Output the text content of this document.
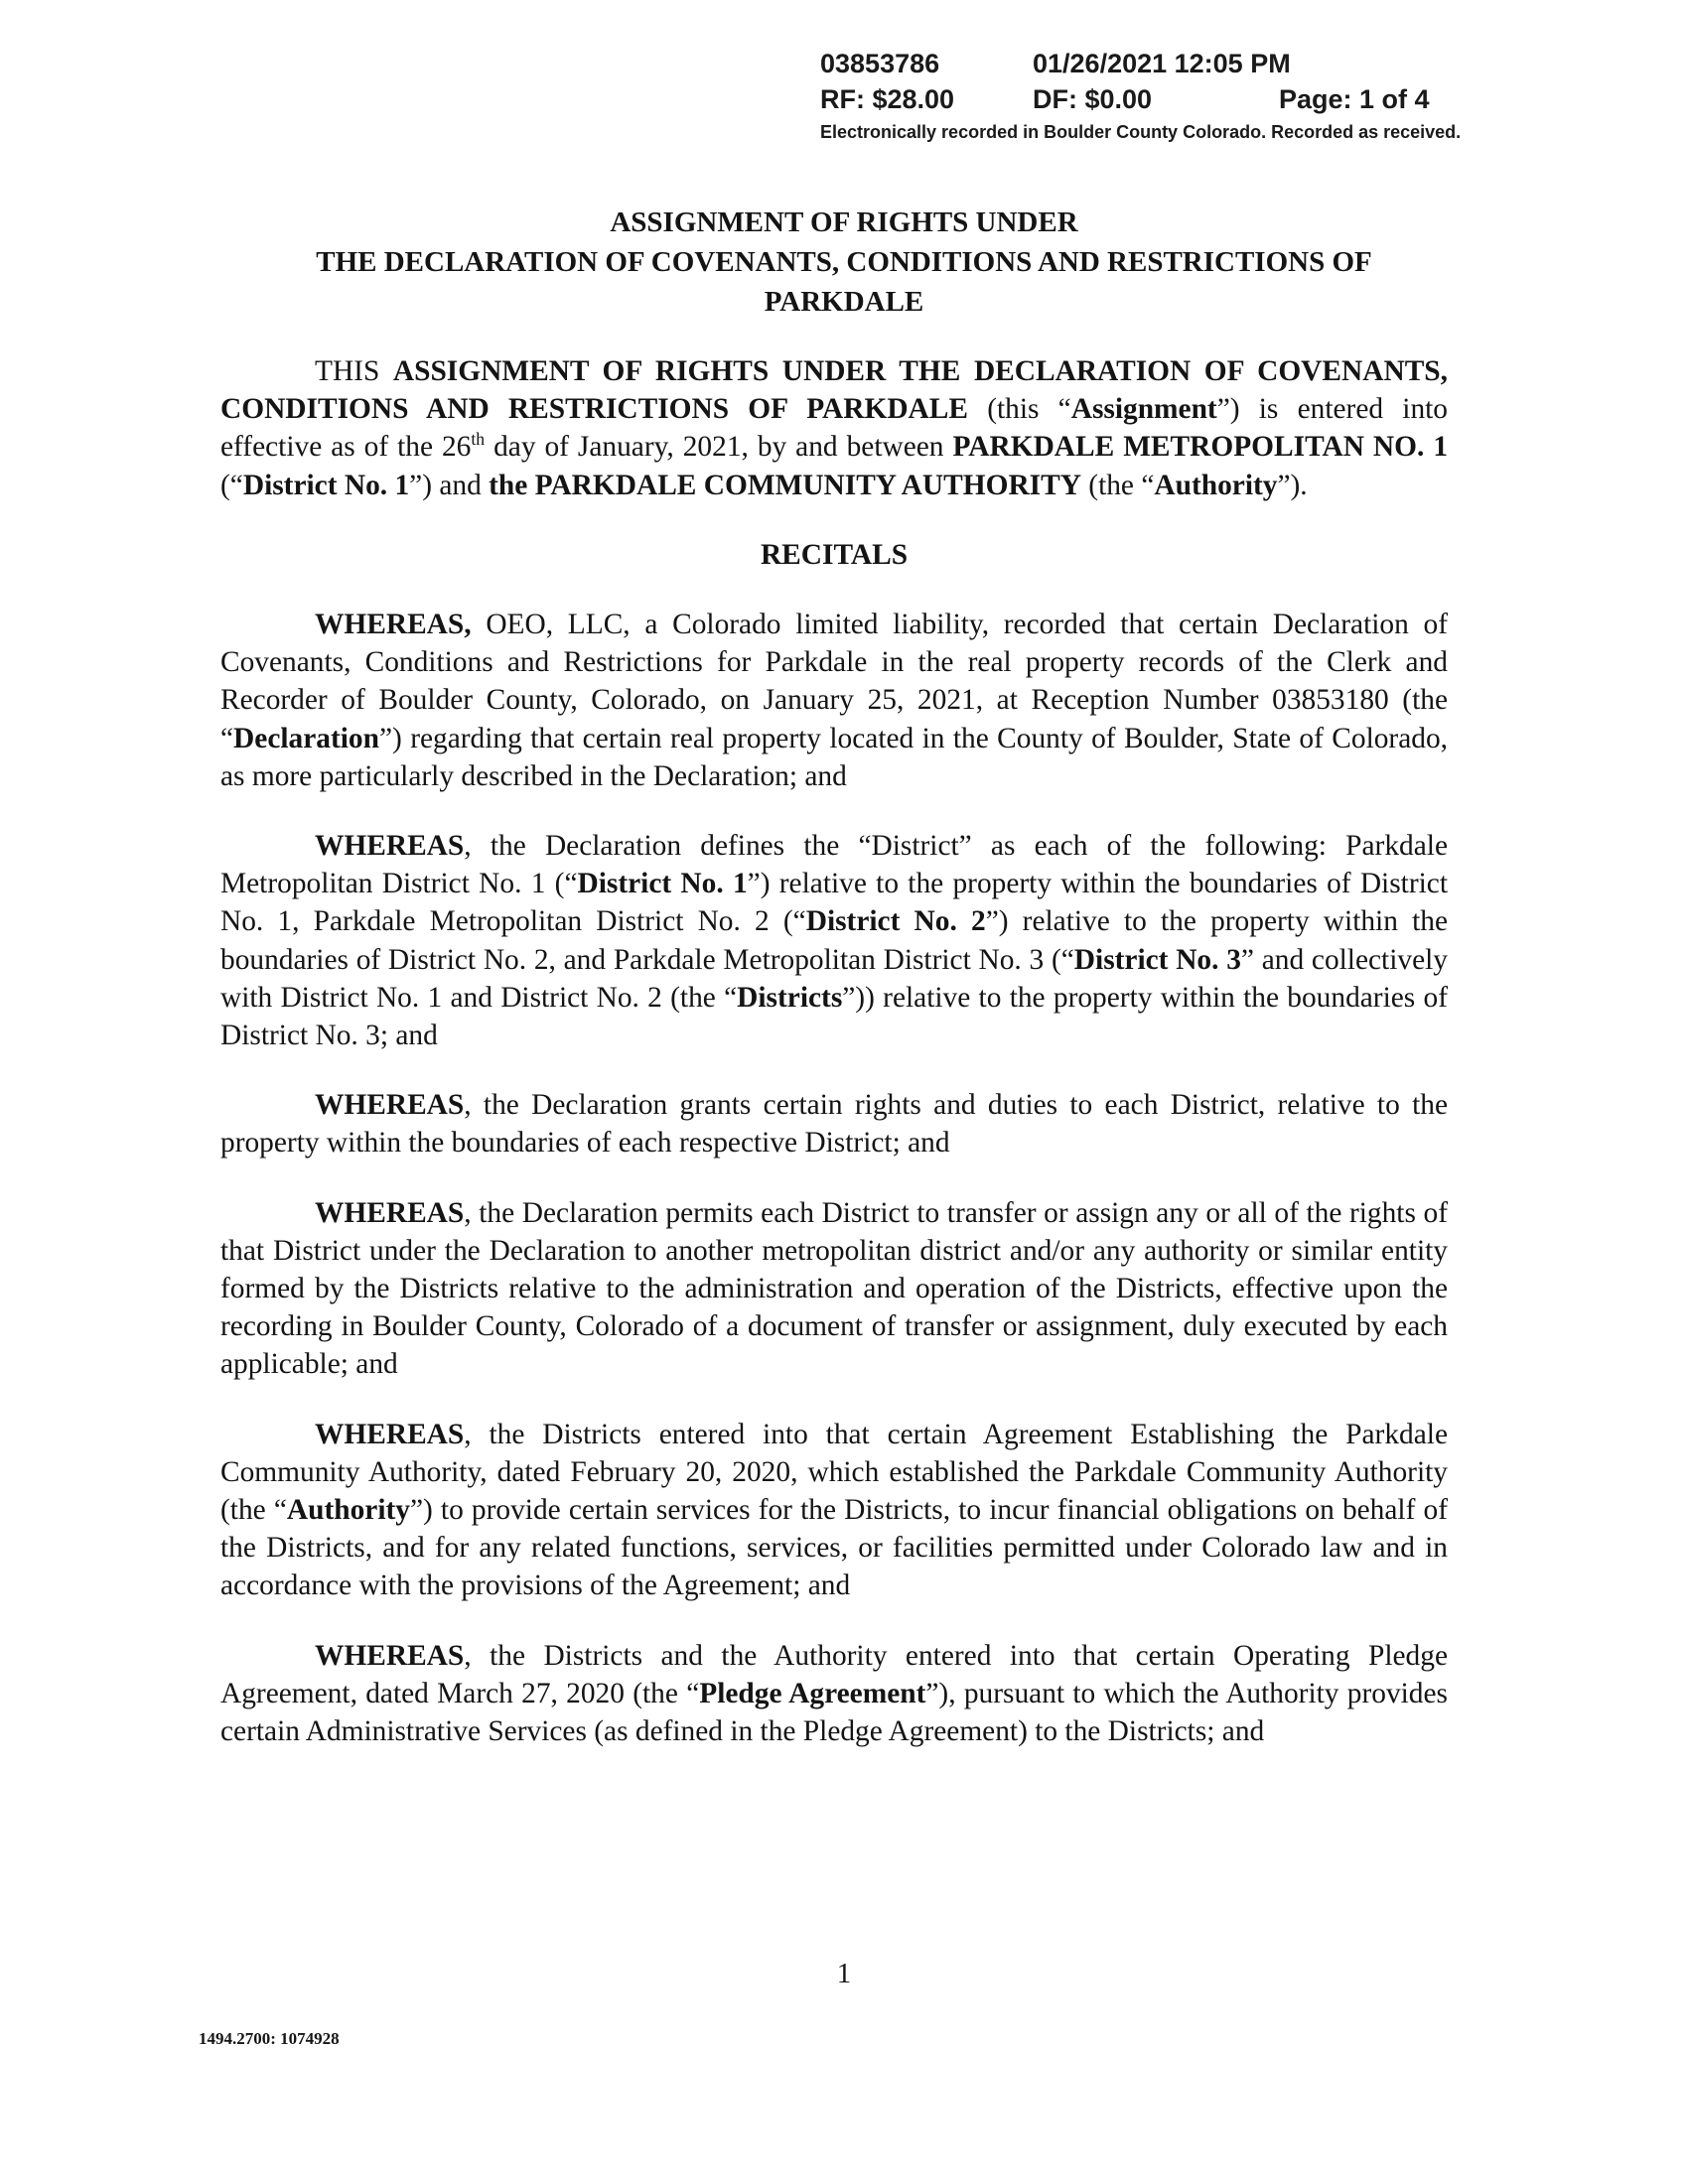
03853786	01/26/2021 12:05 PM
RF: $28.00	DF: $0.00	Page: 1 of 4
Electronically recorded in Boulder County Colorado. Recorded as received.
ASSIGNMENT OF RIGHTS UNDER
THE DECLARATION OF COVENANTS, CONDITIONS AND RESTRICTIONS OF
PARKDALE

THIS ASSIGNMENT OF RIGHTS UNDER THE DECLARATION OF COVENANTS, CONDITIONS AND RESTRICTIONS OF PARKDALE (this “Assignment”) is entered into effective as of the 26th day of January, 2021, by and between PARKDALE METROPOLITAN NO. 1 (“District No. 1”) and the PARKDALE COMMUNITY AUTHORITY (the “Authority”).

RECITALS

WHEREAS, OEO, LLC, a Colorado limited liability, recorded that certain Declaration of Covenants, Conditions and Restrictions for Parkdale in the real property records of the Clerk and Recorder of Boulder County, Colorado, on January 25, 2021, at Reception Number 03853180 (the “Declaration”) regarding that certain real property located in the County of Boulder, State of Colorado, as more particularly described in the Declaration; and

WHEREAS, the Declaration defines the “District” as each of the following: Parkdale Metropolitan District No. 1 (“District No. 1”) relative to the property within the boundaries of District No. 1, Parkdale Metropolitan District No. 2 (“District No. 2”) relative to the property within the boundaries of District No. 2, and Parkdale Metropolitan District No. 3 (“District No. 3” and collectively with District No. 1 and District No. 2 (the “Districts”)) relative to the property within the boundaries of District No. 3; and

WHEREAS, the Declaration grants certain rights and duties to each District, relative to the property within the boundaries of each respective District; and

WHEREAS, the Declaration permits each District to transfer or assign any or all of the rights of that District under the Declaration to another metropolitan district and/or any authority or similar entity formed by the Districts relative to the administration and operation of the Districts, effective upon the recording in Boulder County, Colorado of a document of transfer or assignment, duly executed by each applicable; and

WHEREAS, the Districts entered into that certain Agreement Establishing the Parkdale Community Authority, dated February 20, 2020, which established the Parkdale Community Authority (the “Authority”) to provide certain services for the Districts, to incur financial obligations on behalf of the Districts, and for any related functions, services, or facilities permitted under Colorado law and in accordance with the provisions of the Agreement; and

WHEREAS, the Districts and the Authority entered into that certain Operating Pledge Agreement, dated March 27, 2020 (the “Pledge Agreement”), pursuant to which the Authority provides certain Administrative Services (as defined in the Pledge Agreement) to the Districts; and

1
1494.2700: 1074928
